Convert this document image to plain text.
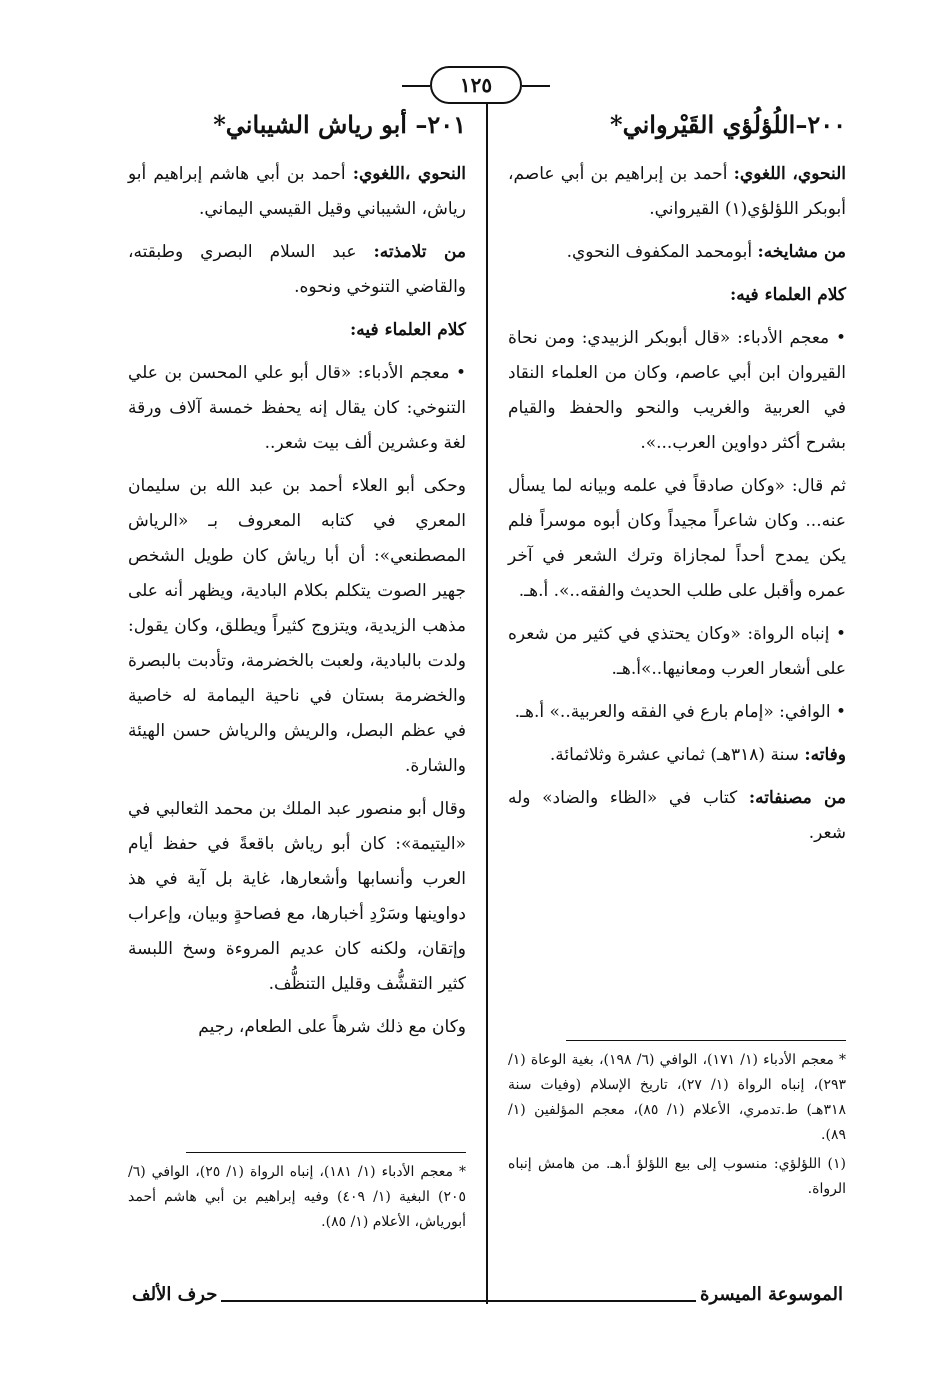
١٢٥
٢٠٠–اللُؤلُؤي القَيْرواني*

النحوي، اللغوي: أحمد بن إبراهيم بن أبي عاصم، أبوبكر اللؤلؤي(١) القيرواني.

من مشايخه: أبومحمد المكفوف النحوي.

كلام العلماء فيه:

• معجم الأدباء: «قال أبوبكر الزبيدي: ومن نحاة القيروان ابن أبي عاصم، وكان من العلماء النقاد في العربية والغريب والنحو والحفظ والقيام بشرح أكثر دواوين العرب...».

ثم قال: «وكان صادقاً في علمه وبيانه لما يسأل عنه... وكان شاعراً مجيداً وكان أبوه موسراً فلم يكن يمدح أحداً لمجازاة وترك الشعر في آخر عمره وأقبل على طلب الحديث والفقه..». أ.هـ.

• إنباه الرواة: «وكان يحتذي في كثير من شعره على أشعار العرب ومعانيها..»أ.هـ.

• الوافي: «إمام بارع في الفقه والعربية..» أ.هـ.

وفاته: سنة (٣١٨هـ) ثماني عشرة وثلاثمائة.

من مصنفاته: كتاب في «الظاء والضاد» وله شعر.

٢٠١– أبو رياش الشيباني*

النحوي ،اللغوي: أحمد بن أبي هاشم إبراهيم أبو رياش، الشيباني وقيل القيسي اليماني.

من تلامذته: عبد السلام البصري وطبقته، والقاضي التنوخي ونحوه.

كلام العلماء فيه:

• معجم الأدباء: «قال أبو علي المحسن بن علي التنوخي: كان يقال إنه يحفظ خمسة آلاف ورقة لغة وعشرين ألف بيت شعر..

وحكى أبو العلاء أحمد بن عبد الله بن سليمان المعري في كتابه المعروف بـ «الرياش المصطنعي»: أن أبا رياش كان طويل الشخص جهير الصوت يتكلم بكلام البادية، ويظهر أنه على مذهب الزيدية، ويتزوج كثيراً ويطلق، وكان يقول: ولدت بالبادية، ولعبت بالخضرمة، وتأدبت بالبصرة والخضرمة بستان في ناحية اليمامة له خاصية في عظم البصل، والريش والرياش حسن الهيئة والشارة.

وقال أبو منصور عبد الملك بن محمد الثعالبي في «اليتيمة»: كان أبو رياش باقعةً في حفظ أيام العرب وأنسابها وأشعارها، غاية بل آية في هذ دواوينها وسَرْدِ أخبارها، مع فصاحةٍ وبيان، وإعراب وإتقان، ولكنه كان عديم المروءة وسخ اللبسة كثير التقشُّف وقليل التنظُّف.

وكان مع ذلك شرهاً على الطعام، رجيم

* معجم الأدباء (١/ ١٧١)، الوافي (٦/ ١٩٨)، بغية الوعاة (١/ ٢٩٣)، إنباه الرواة (١/ ٢٧)، تاريخ الإسلام (وفيات سنة ٣١٨هـ) ط.تدمري، الأعلام (١/ ٨٥)، معجم المؤلفين (١/ ٨٩).

(١) اللؤلؤي: منسوب إلى بيع اللؤلؤ أ.هـ. من هامش إنباه الرواة.

* معجم الأدباء (١/ ١٨١)، إنباه الرواة (١/ ٢٥)، الوافي (٦/ ٢٠٥) البغية (١/ ٤٠٩) وفيه إبراهيم بن أبي هاشم أحمد أبورياش، الأعلام (١/ ٨٥).

الموسوعة الميسرة
حرف الألف
